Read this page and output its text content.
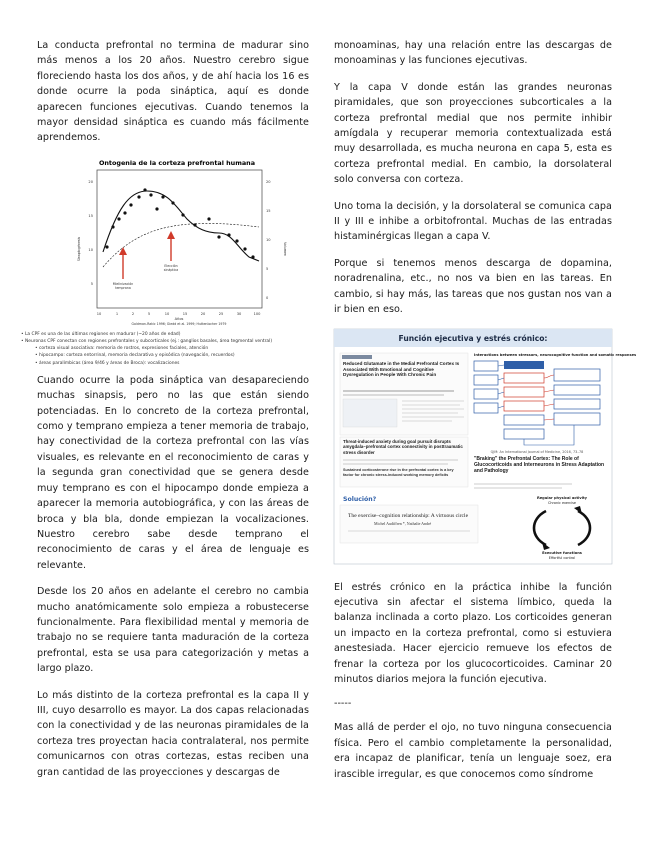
La conducta prefrontal no termina de madurar sino más menos a los 20 años. Nuestro cerebro sigue floreciendo hasta los dos años, y de ahí hacia los 16 es donde ocurre la poda sináptica, aquí es donde aparecen funciones ejecutivas. Cuando tenemos la mayor densidad sináptica es cuando más fácilmente aprendemos.

Ontogenia de la corteza prefrontal humana
Sinaptogénesis	Volumen
20
15
10
5
20
15
10
5
0
Mielinización
temprana
Elección
sináptica
10	1	2	5	10	15	20	25	30	100
Años
Goldman-Rakic 1996; Giedd et al. 1999; Huttenlocher 1979
• La CPF es una de las últimas regiones en madurar (~20 años de edad)
• Neuronas CPF conectan con regiones prefrontales y subcorticales (ej.: ganglios basales, área tegmental ventral)
• corteza visual asociativa: memoria de rostros, expresiones faciales, atención
• hipocampo: corteza entorrinal, memoria declarativa y episódica (navegación, recuerdos)
• áreas paralímbicas (área 9/46 y áreas de Broca): vocalizaciones

Cuando ocurre la poda sináptica van desapareciendo muchas sinapsis, pero no las que están siendo potenciadas. En lo concreto de la corteza prefrontal, como y temprano empieza a tener memoria de trabajo, hay conectividad de la corteza prefrontal con las vías visuales, es relevante en el reconocimiento de caras y la segunda gran conectividad que se genera desde muy temprano es con el hipocampo donde empieza a aparecer la memoria autobiográfica, y con las áreas de broca y bla bla, donde empiezan la vocalizaciones. Nuestro cerebro sabe desde temprano el reconocimiento de caras y el área de lenguaje es relevante.

Desde los 20 años en adelante el cerebro no cambia mucho anatómicamente solo empieza a robustecerse funcionalmente. Para flexibilidad mental y memoria de trabajo no se requiere tanta maduración de la corteza prefrontal, esta se usa para categorización y metas a largo plazo.

Lo más distinto de la corteza prefrontal es la capa II y III, cuyo desarrollo es mayor. La dos capas relacionadas con la conectividad y de las neuronas piramidales de la corteza tres proyectan hacia contralateral, nos permite comunicarnos con otras cortezas, estas reciben una gran cantidad de las proyecciones y descargas de

monoaminas, hay una relación entre las descargas de monoaminas y las funciones ejecutivas.

Y la capa V donde están las grandes neuronas piramidales, que son proyecciones subcorticales a la corteza prefrontal medial que nos permite inhibir amígdala y recuperar memoria contextualizada está muy desarrollada, es mucha neurona en capa 5, esta es corteza prefrontal medial. En cambio, la dorsolateral solo conversa con corteza.

Uno toma la decisión, y la dorsolateral se comunica capa II y III e inhibe a orbitofrontal. Muchas de las entradas histaminérgicas llegan a capa V.

Porque si tenemos menos descarga de dopamina, noradrenalina, etc., no nos va bien en las tareas. En cambio, si hay más, las tareas que nos gustan nos van a ir bien en eso.

Función ejecutiva y estrés crónico:
Reduced Glutamate in the Medial Prefrontal Cortex Is Associated With Emotional and Cognitive Dysregulation in People With Chronic Pain
Threat-induced anxiety during goal pursuit disrupts amygdala–prefrontal cortex connectivity in posttraumatic stress disorder
Sustained corticosterone rise in the prefrontal cortex is a key factor for chronic stress-induced working memory deficits
Interactions between stressors, neurocognitive function and somatic responses
QJM: An International Journal of Medicine, 2016, 73–78
"Braking" the Prefrontal Cortex: The Role of Glucocorticoids and Interneurons in Stress Adaptation and Pathology
Solución?
The exercise–cognition relationship: A virtuous circle
Michel Audiffren *, Nathalie André
Regular physical activity
Chronic exercise
Executive functions
Effortful control

El estrés crónico en la práctica inhibe la función ejecutiva sin afectar el sistema límbico, queda la balanza inclinada a corto plazo. Los corticoides generan un impacto en la corteza prefrontal, como si estuviera anestesiada. Hacer ejercicio remueve los efectos de frenar la corteza por los glucocorticoides. Caminar 20 minutos diarios mejora la función ejecutiva.

-----

Mas allá de perder el ojo, no tuvo ninguna consecuencia física. Pero el cambio completamente la personalidad, era incapaz de planificar, tenía un lenguaje soez, era irascible irregular, es que conocemos como síndrome
